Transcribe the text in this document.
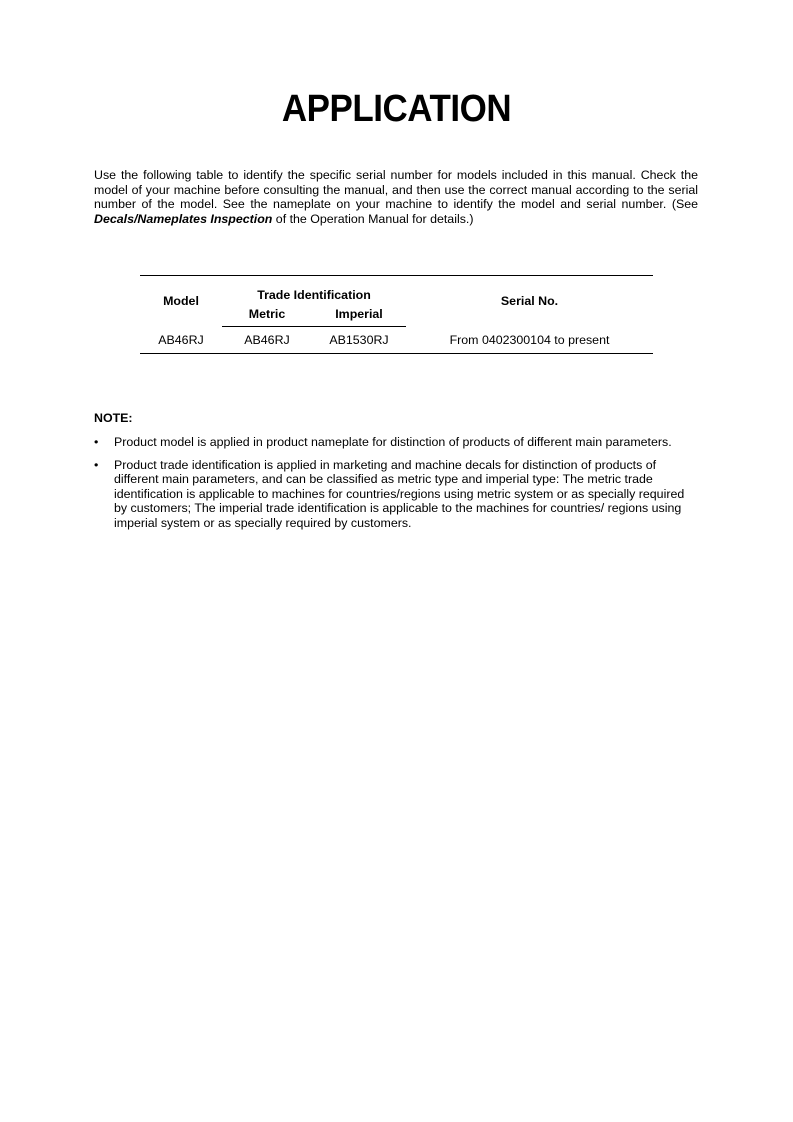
APPLICATION

Use the following table to identify the specific serial number for models included in this manual. Check the model of your machine before consulting the manual, and then use the correct manual according to the serial number of the model. See the nameplate on your machine to identify the model and serial number. (See Decals/Nameplates Inspection of the Operation Manual for details.)

Model	Trade Identification		Serial No.
	Metric	Imperial	
AB46RJ	AB46RJ	AB1530RJ	From 0402300104 to present
NOTE:
• Product model is applied in product nameplate for distinction of products of different main parameters.
• Product trade identification is applied in marketing and machine decals for distinction of products of different main parameters, and can be classified as metric type and imperial type: The metric trade identification is applicable to machines for countries/regions using metric system or as specially required by customers; The imperial trade identification is applicable to the machines for countries/ regions using imperial system or as specially required by customers.
